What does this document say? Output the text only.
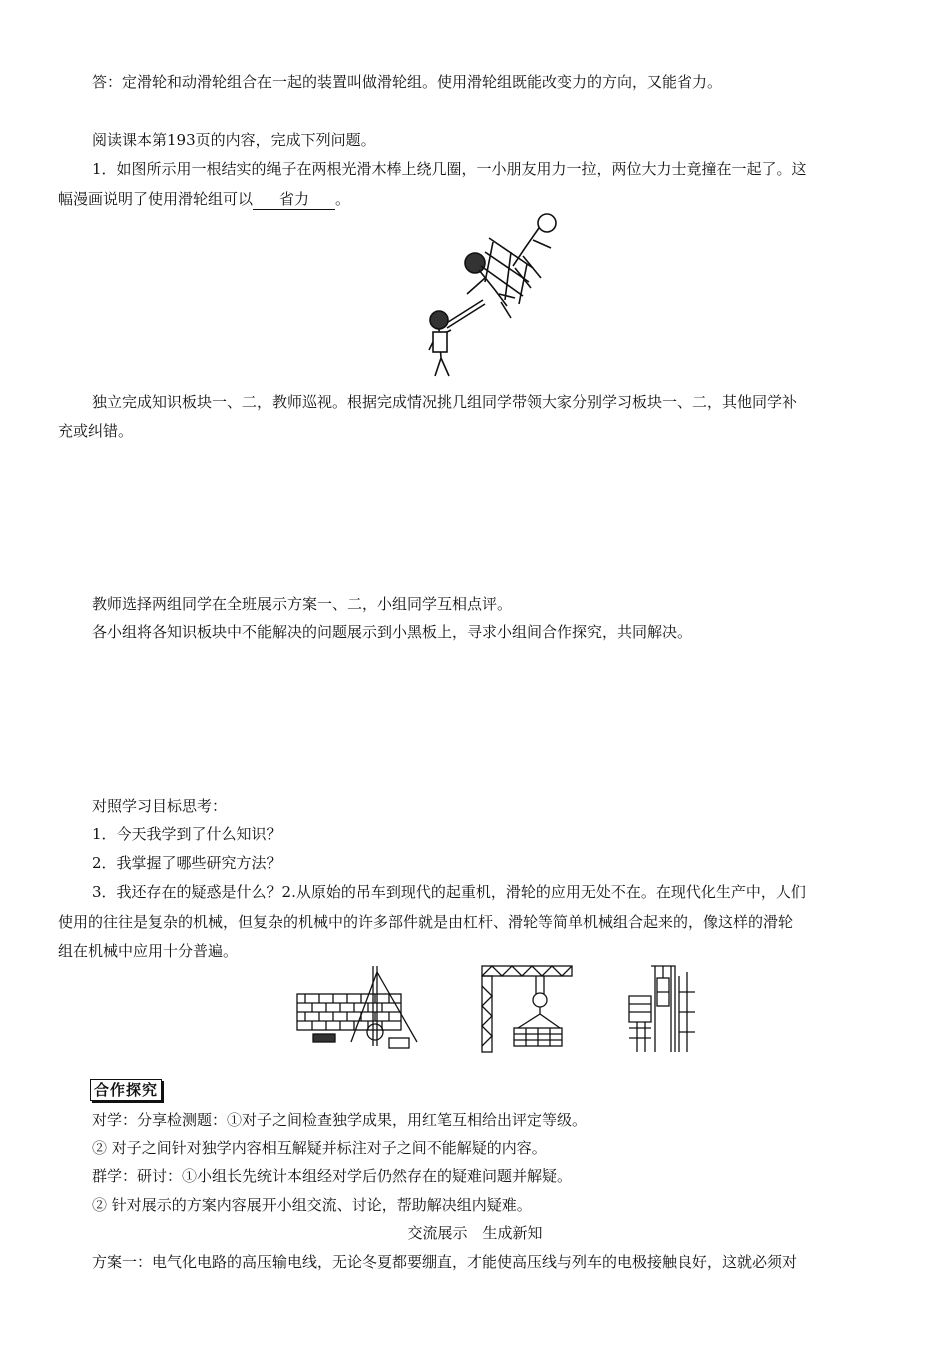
答：定滑轮和动滑轮组合在一起的装置叫做滑轮组。使用滑轮组既能改变力的方向，又能省力。
阅读课本第193页的内容，完成下列问题。
1．如图所示用一根结实的绳子在两根光滑木棒上绕几圈，一小朋友用力一拉，两位大力士竟撞在一起了。这
幅漫画说明了使用滑轮组可以 省力 。
独立完成知识板块一、二，教师巡视。根据完成情况挑几组同学带领大家分别学习板块一、二，其他同学补
充或纠错。
教师选择两组同学在全班展示方案一、二，小组同学互相点评。
各小组将各知识板块中不能解决的问题展示到小黑板上，寻求小组间合作探究，共同解决。
对照学习目标思考：
1．今天我学到了什么知识？
2．我掌握了哪些研究方法？
3．我还存在的疑惑是什么？2.从原始的吊车到现代的起重机，滑轮的应用无处不在。在现代化生产中，人们
使用的往往是复杂的机械，但复杂的机械中的许多部件就是由杠杆、滑轮等简单机械组合起来的，像这样的滑轮
组在机械中应用十分普遍。
合作探究
对学：分享检测题：①对子之间检查独学成果，用红笔互相给出评定等级。
② 对子之间针对独学内容相互解疑并标注对子之间不能解疑的内容。
群学：研讨：①小组长先统计本组经对学后仍然存在的疑难问题并解疑。
② 针对展示的方案内容展开小组交流、讨论，帮助解决组内疑难。
交流展示　生成新知
方案一：电气化电路的高压输电线，无论冬夏都要绷直，才能使高压线与列车的电极接触良好，这就必须对
